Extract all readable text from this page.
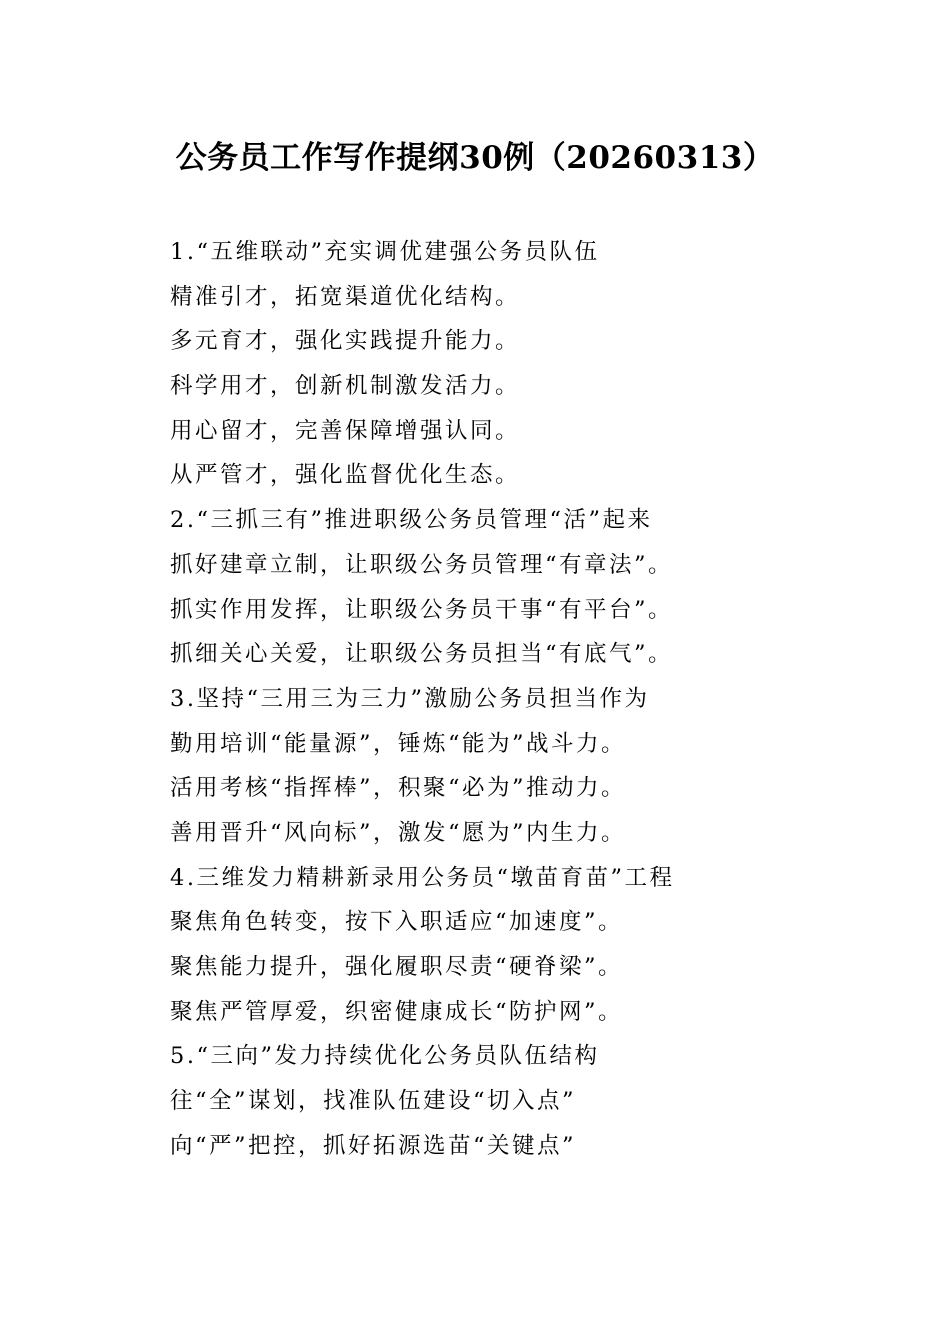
公务员工作写作提纲30例（20260313）
1.“五维联动”充实调优建强公务员队伍
精准引才，拓宽渠道优化结构。
多元育才，强化实践提升能力。
科学用才，创新机制激发活力。
用心留才，完善保障增强认同。
从严管才，强化监督优化生态。
2.“三抓三有”推进职级公务员管理“活”起来
抓好建章立制，让职级公务员管理“有章法”。
抓实作用发挥，让职级公务员干事“有平台”。
抓细关心关爱，让职级公务员担当“有底气”。
3.坚持“三用三为三力”激励公务员担当作为
勤用培训“能量源”，锤炼“能为”战斗力。
活用考核“指挥棒”，积聚“必为”推动力。
善用晋升“风向标”，激发“愿为”内生力。
4.三维发力精耕新录用公务员“墩苗育苗”工程
聚焦角色转变，按下入职适应“加速度”。
聚焦能力提升，强化履职尽责“硬脊梁”。
聚焦严管厚爱，织密健康成长“防护网”。
5.“三向”发力持续优化公务员队伍结构
往“全”谋划，找准队伍建设“切入点”
向“严”把控，抓好拓源选苗“关键点”
